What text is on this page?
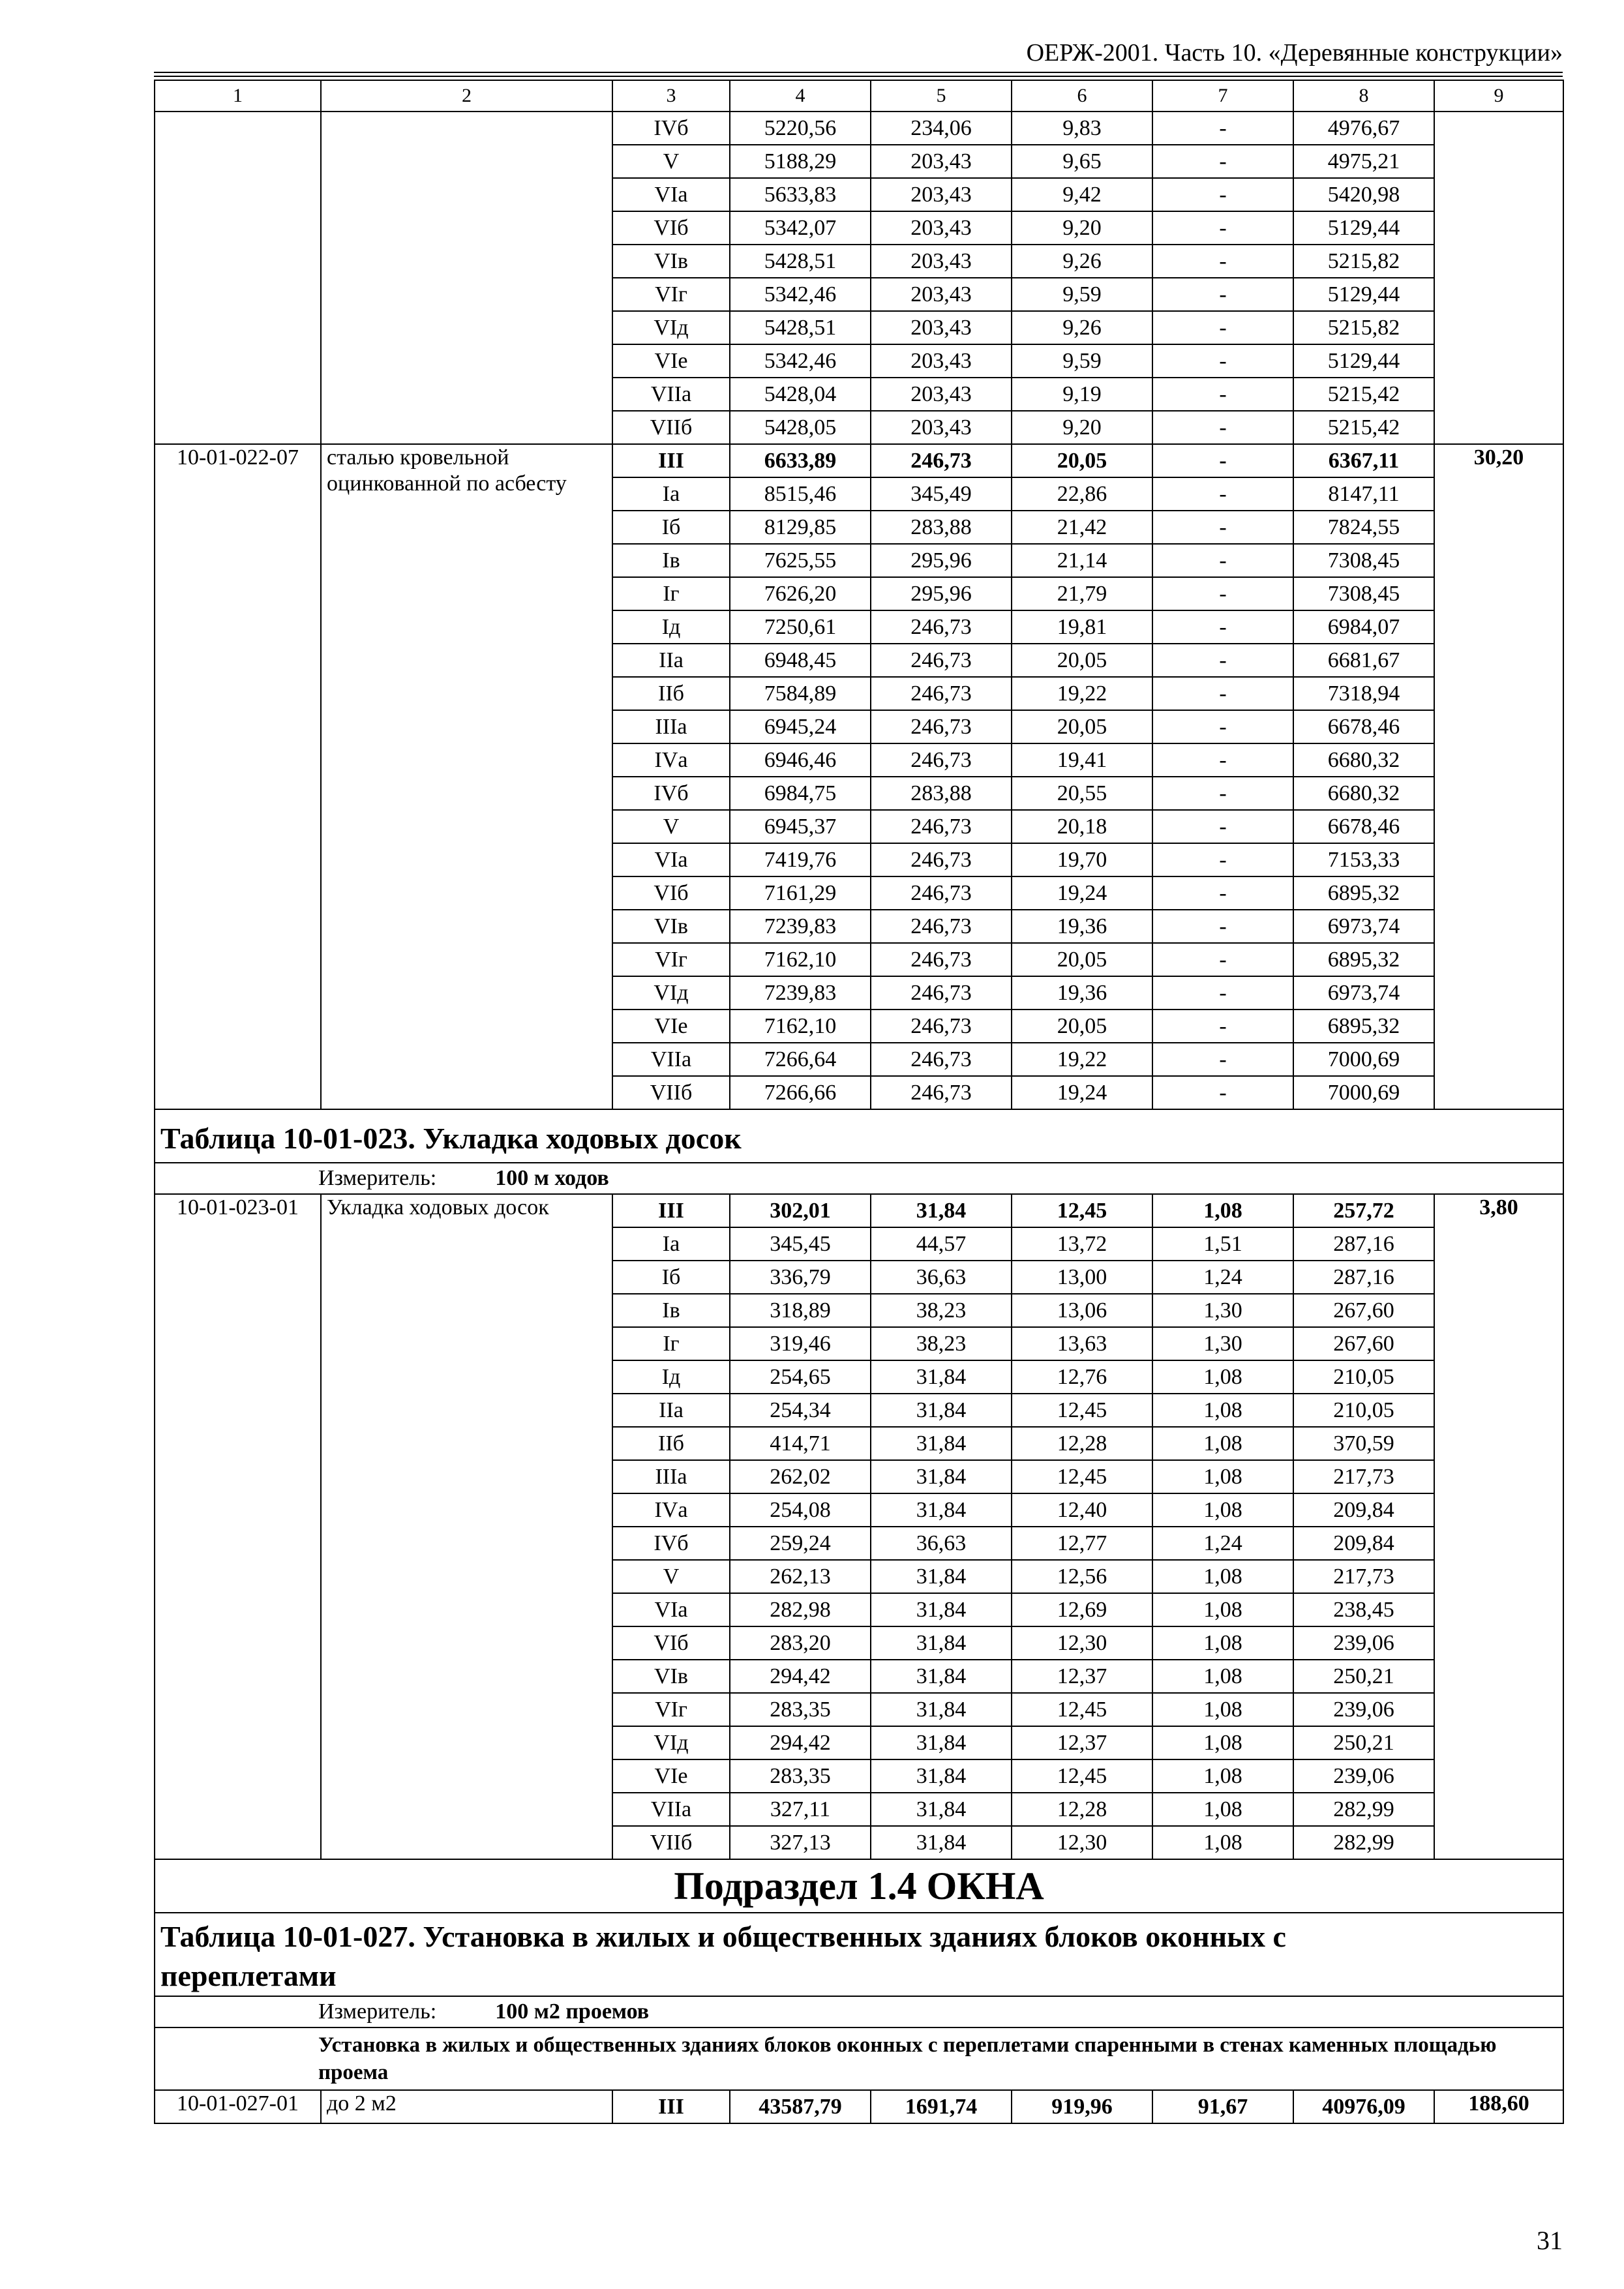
ОЕРЖ-2001. Часть 10. «Деревянные конструкции»
1	2	3	4	5	6	7	8	9
		IVб	5220,56	234,06	9,83	-	4976,67	
		V	5188,29	203,43	9,65	-	4975,21	
		VIа	5633,83	203,43	9,42	-	5420,98	
		VIб	5342,07	203,43	9,20	-	5129,44	
		VIв	5428,51	203,43	9,26	-	5215,82	
		VIг	5342,46	203,43	9,59	-	5129,44	
		VIд	5428,51	203,43	9,26	-	5215,82	
		VIе	5342,46	203,43	9,59	-	5129,44	
		VIIа	5428,04	203,43	9,19	-	5215,42	
		VIIб	5428,05	203,43	9,20	-	5215,42	
10-01-022-07	сталью кровельной оцинкованной по асбесту	III	6633,89	246,73	20,05	-	6367,11	30,20
		Iа	8515,46	345,49	22,86	-	8147,11	
		Iб	8129,85	283,88	21,42	-	7824,55	
		Iв	7625,55	295,96	21,14	-	7308,45	
		Iг	7626,20	295,96	21,79	-	7308,45	
		Iд	7250,61	246,73	19,81	-	6984,07	
		IIа	6948,45	246,73	20,05	-	6681,67	
		IIб	7584,89	246,73	19,22	-	7318,94	
		IIIа	6945,24	246,73	20,05	-	6678,46	
		IVа	6946,46	246,73	19,41	-	6680,32	
		IVб	6984,75	283,88	20,55	-	6680,32	
		V	6945,37	246,73	20,18	-	6678,46	
		VIа	7419,76	246,73	19,70	-	7153,33	
		VIб	7161,29	246,73	19,24	-	6895,32	
		VIв	7239,83	246,73	19,36	-	6973,74	
		VIг	7162,10	246,73	20,05	-	6895,32	
		VIд	7239,83	246,73	19,36	-	6973,74	
		VIе	7162,10	246,73	20,05	-	6895,32	
		VIIа	7266,64	246,73	19,22	-	7000,69	
		VIIб	7266,66	246,73	19,24	-	7000,69	
Таблица 10-01-023. Укладка ходовых досок								
Измеритель: 100 м ходов								
10-01-023-01	Укладка ходовых досок	III	302,01	31,84	12,45	1,08	257,72	3,80
		Iа	345,45	44,57	13,72	1,51	287,16	
		Iб	336,79	36,63	13,00	1,24	287,16	
		Iв	318,89	38,23	13,06	1,30	267,60	
		Iг	319,46	38,23	13,63	1,30	267,60	
		Iд	254,65	31,84	12,76	1,08	210,05	
		IIа	254,34	31,84	12,45	1,08	210,05	
		IIб	414,71	31,84	12,28	1,08	370,59	
		IIIа	262,02	31,84	12,45	1,08	217,73	
		IVа	254,08	31,84	12,40	1,08	209,84	
		IVб	259,24	36,63	12,77	1,24	209,84	
		V	262,13	31,84	12,56	1,08	217,73	
		VIа	282,98	31,84	12,69	1,08	238,45	
		VIб	283,20	31,84	12,30	1,08	239,06	
		VIв	294,42	31,84	12,37	1,08	250,21	
		VIг	283,35	31,84	12,45	1,08	239,06	
		VIд	294,42	31,84	12,37	1,08	250,21	
		VIе	283,35	31,84	12,45	1,08	239,06	
		VIIа	327,11	31,84	12,28	1,08	282,99	
		VIIб	327,13	31,84	12,30	1,08	282,99	
Подраздел 1.4 ОКНА								

Таблица 10-01-027. Установка в жилых и общественных зданиях блоков оконных с
переплетами								

Измеритель: 100 м2 проемов								
Установка в жилых и общественных зданиях блоков оконных с переплетами спаренными в стенах каменных площадью проема								
10-01-027-01	до 2 м2	III	43587,79	1691,74	919,96	91,67	40976,09	188,60
31
